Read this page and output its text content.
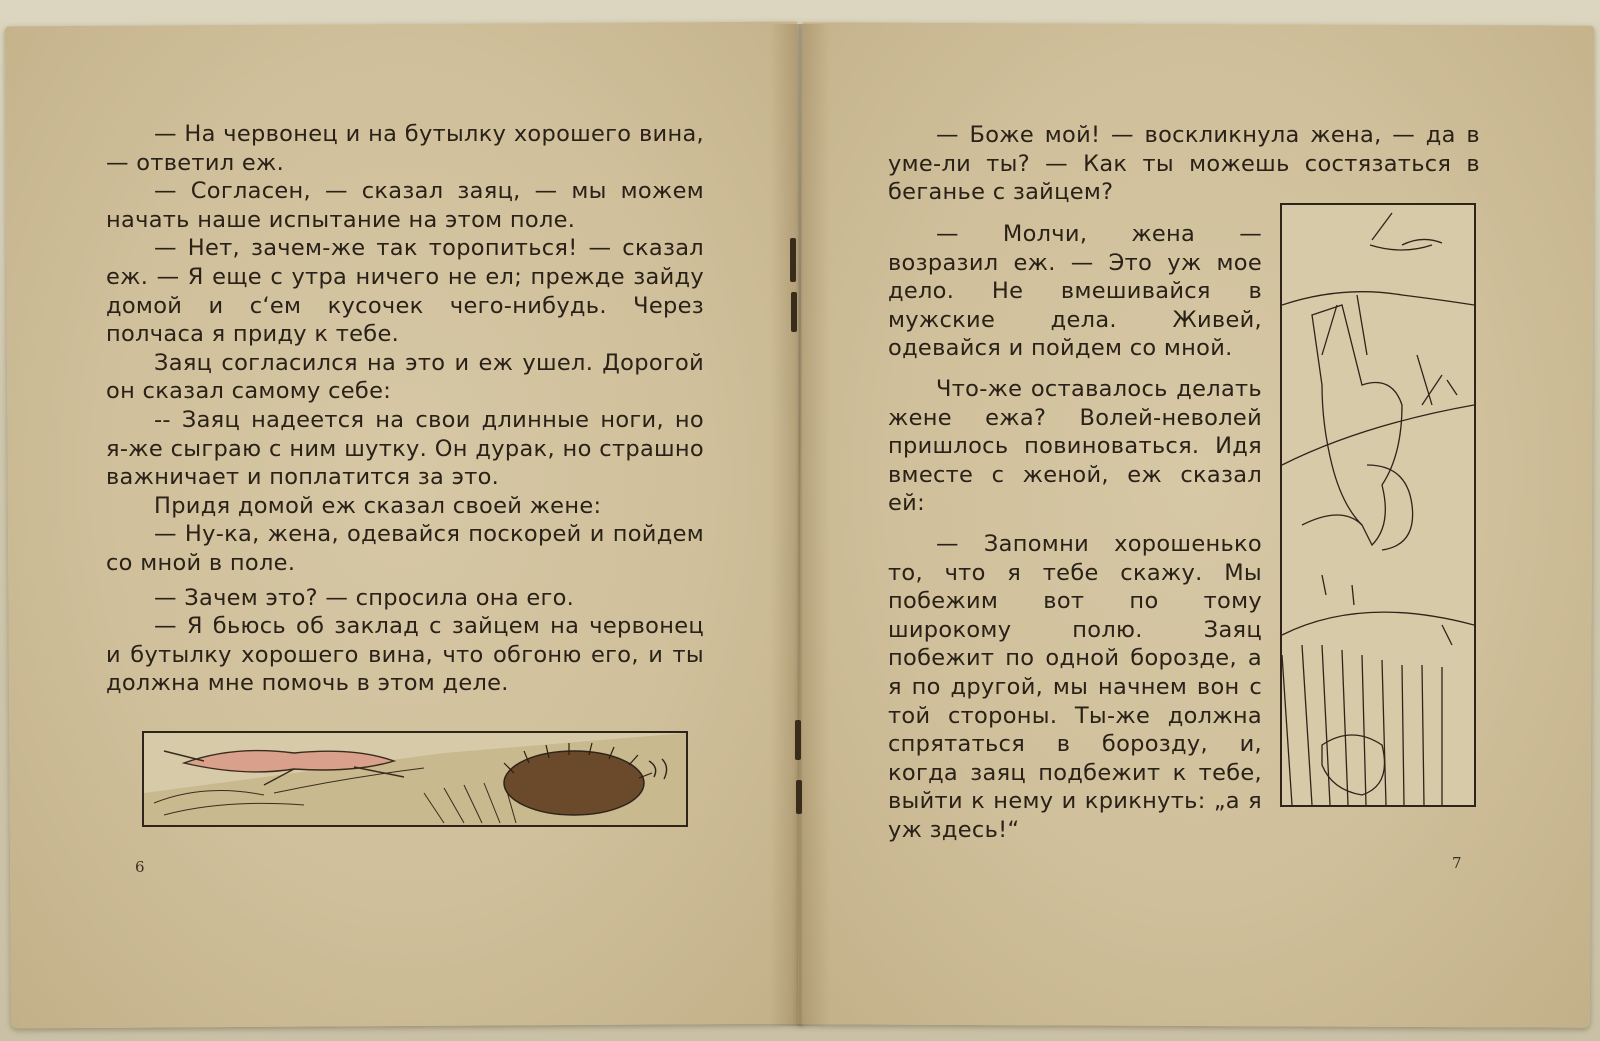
— На червонец и на бутылку хорошего вина, — ответил еж.

— Согласен, — сказал заяц, — мы можем начать наше испытание на этом поле.

— Нет, зачем-же так торопиться! — сказал еж. — Я еще с утра ничего не ел; прежде зайду домой и с‘ем кусочек чего-нибудь. Через полчаса я приду к тебе.

Заяц согласился на это и еж ушел. Дорогой он сказал самому себе:

-- Заяц надеется на свои длинные ноги, но я-же сыграю с ним шутку. Он дурак, но страшно важничает и поплатится за это.

Придя домой еж сказал своей жене:

— Ну-ка, жена, одевайся поскорей и пойдем со мной в поле.

— Зачем это? — спросила она его.

— Я бьюсь об заклад с зайцем на червонец и бутылку хорошего вина, что обгоню его, и ты должна мне помочь в этом деле.

6

— Боже мой! — воскликнула жена, — да в уме-ли ты? — Как ты можешь состязаться в беганье с зайцем?

— Молчи, жена — возразил еж. — Это уж мое дело. Не вмешивайся в мужские дела. Живей, одевайся и пойдем со мной.

Что-же оставалось делать жене ежа? Волей-неволей пришлось повиноваться. Идя вместе с женой, еж сказал ей:

— Запомни хорошенько то, что я тебе скажу. Мы побежим вот по тому широкому полю. Заяц побежит по одной борозде, а я по другой, мы начнем вон с той стороны. Ты-же должна спрятаться в борозду, и, когда заяц подбежит к тебе, выйти к нему и крикнуть: „а я уж здесь!“

7
